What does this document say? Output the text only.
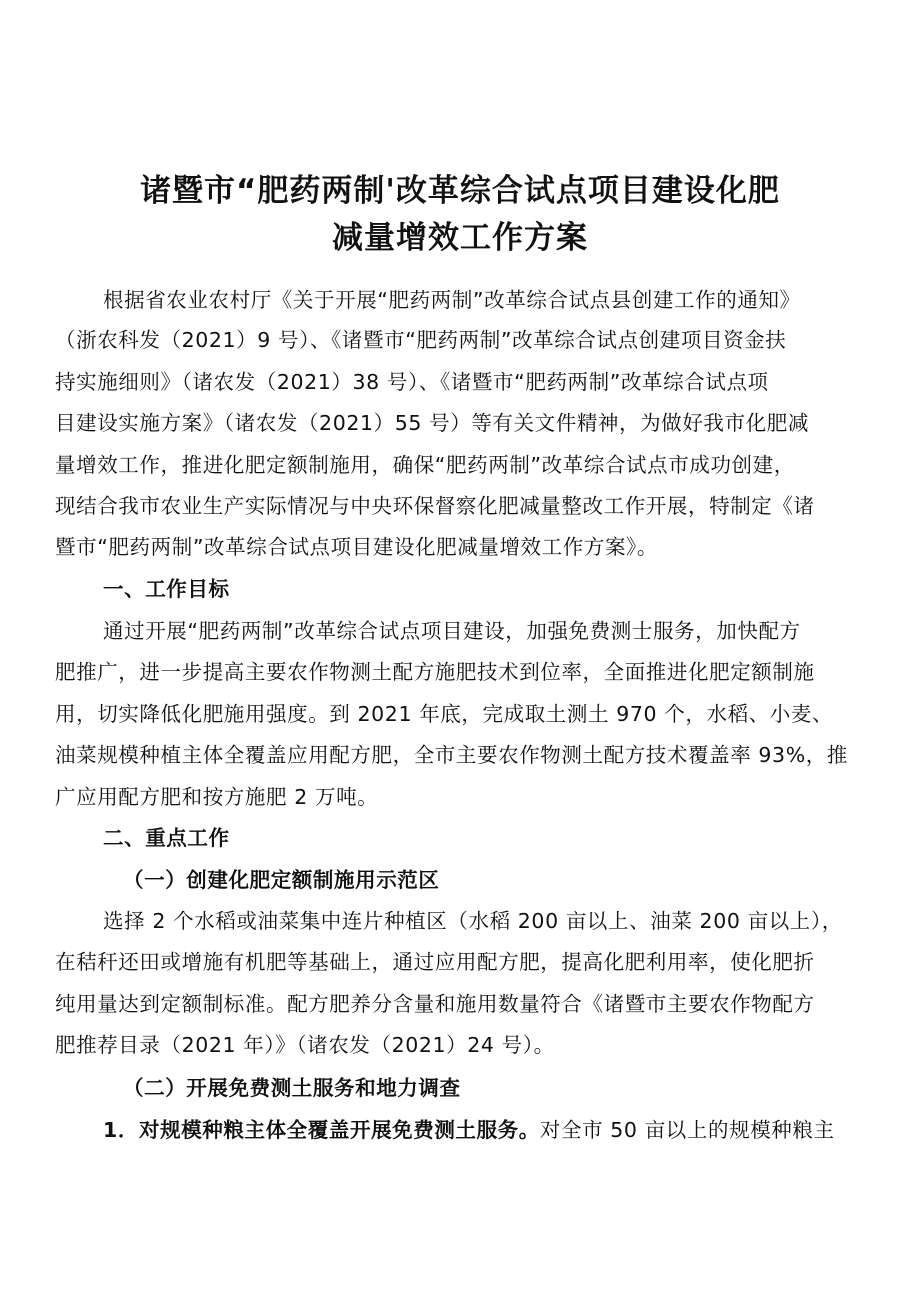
诸暨市“肥药两制'改革综合试点项目建设化肥
减量增效工作方案
根据省农业农村厅《关于开展“肥药两制”改革综合试点县创建工作的通知》
（浙农科发（2021）9 号）、《诸暨市“肥药两制”改革综合试点创建项目资金扶
持实施细则》（诸农发（2021）38 号）、《诸暨市“肥药两制”改革综合试点项
目建设实施方案》（诸农发（2021）55 号）等有关文件精神，为做好我市化肥减
量增效工作，推进化肥定额制施用，确保“肥药两制”改革综合试点市成功创建，
现结合我市农业生产实际情况与中央环保督察化肥减量整改工作开展，特制定《诸
暨市“肥药两制”改革综合试点项目建设化肥减量增效工作方案》。
一、工作目标
通过开展“肥药两制”改革综合试点项目建设，加强免费测士服务，加快配方
肥推广，进一步提高主要农作物测土配方施肥技术到位率，全面推进化肥定额制施
用，切实降低化肥施用强度。到 2021 年底，完成取土测土 970 个，水稻、小麦、
油菜规模种植主体全覆盖应用配方肥，全市主要农作物测土配方技术覆盖率 93%，推
广应用配方肥和按方施肥 2 万吨。
二、重点工作
（一）创建化肥定额制施用示范区
选择 2 个水稻或油菜集中连片种植区（水稻 200 亩以上、油菜 200 亩以上），
在秸秆还田或增施有机肥等基础上，通过应用配方肥，提高化肥利用率，使化肥折
纯用量达到定额制标准。配方肥养分含量和施用数量符合《诸暨市主要农作物配方
肥推荐目录（2021 年）》（诸农发（2021）24 号）。
（二）开展免费测土服务和地力调查
1．对规模种粮主体全覆盖开展免费测土服务。对全市 50 亩以上的规模种粮主
